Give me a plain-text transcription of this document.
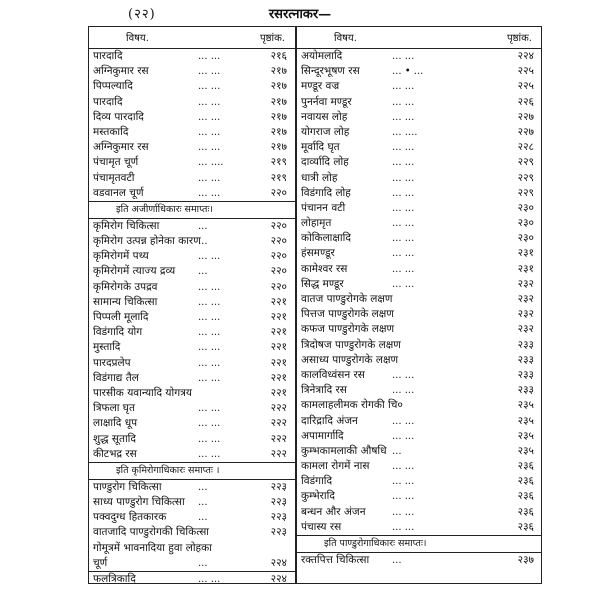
(२२)	रसरत्नाकर—
विषय.	पृष्ठांक.
पारदादि	... ...	२१६
अग्निकुमार रस	... ...	२१७
पिप्पल्यादि	... ...	२१७
पारदादि	... ...	२१७
दिव्य पारदादि	... ...	२१७
मस्तकादि	... ...	२१७
अग्निकुमार रस	... ...	२१७
पंचामृत चूर्ण	... ....	२१९
पंचामृतवटी	... ...	२१९
वडवानल चूर्ण	... ...	२२०
इति अजीर्णाधिकारः समाप्तः।
कृमिरोग चिकित्सा	...	२२०
कृमिरोग उत्पन्न होनेका कारण
...	२२०
कृमिरोगमें पथ्य	... ...	२२०
कृमिरोगमें त्याज्य द्रव्य ...	२२०
कृमिरोगके उपद्रव	... ...	२२०
सामान्य चिकित्सा	... ...	२२१
पिप्पली मूलादि	... ...	२२१
विडंगादि योग	... ...	२२१
मुस्तादि	... ...	२२१
पारदप्रलेप	... ...	२२१
विडंगाद्य तैल	... ...	२२१
पारसीक यवान्यादि योगत्रय	२२१
त्रिफला घृत	... ...	२२२
लाक्षादि धूप	... ...	२२२
शुद्ध सूतादि	... ...	२२२
कीटभद्र रस	... ...	२२२
इति कृमिरोगाधिकारः समाप्तः ।
पाण्डुरोग चिकित्सा	...	२२३
साध्य पाण्डुरोग चिकित्सा ...	२२३
पक्वदुग्ध हितकारक	...	२२३
वातजादि पाण्डुरोगकी चिकित्सा	२२३
गोमूत्रमें भावनादिया हुवा लोहका
चूर्ण	...	२२४
फलत्रिकादि	... ...	२२४
विषय.	पृष्ठांक.
अयोमलादि	... ...	२२४
सिन्दूरभूषण रस	... • ...	२२५
मण्डूर वज्र	... ...	२२५
पुनर्नवा मण्डूर	... ...	२२६
नवायस लोह	... ...	२२७
योगराज लोह	... ....	२२७
मूर्वादि घृत	... ...	२२८
दार्व्यादि लोह	... ...	२२९
धात्री लोह	... ...	२२९
विडंगादि लोह	... ...	२२९
पंचानन वटी	... ...	२३०
लोहामृत	... ...	२३०
कोकिलाक्षादि	... ...	२३०
हंसमण्डूर	... ...	२३१
कामेश्वर रस	... ...	२३१
सिद्ध मण्डूर	... ...	२३२
वातज पाण्डुरोगके लक्षण	२३२
पित्तज पाण्डुरोगके लक्षण	२३२
कफज पाण्डुरोगके लक्षण	२३२
त्रिदोषज पाण्डुरोगके लक्षण	२३३
असाध्य पाण्डुरोगके लक्षण	२३३
कालविध्वंसन रस	... ...	२३३
त्रिनेत्रादि रस	... ...	२३३
कामलाहलीमक रोगकी चि०	२३५
दारिद्रादि अंजन	... ...	२३५
अपामार्गादि	... ...	२३५
कुम्भकामलाकी औषधि ...	२३५
कामला रोगमें नास ... ...	२३६
विडंगादि	... ...	२३६
कुम्भेरादि	... ...	२३६
बन्धन और अंजन	... ...	२३६
पंचास्य रस	... ...	२३६
इति पाण्डुरोगाधिकारः समाप्तः।
रक्तपित्त चिकित्सा ...	२३७
